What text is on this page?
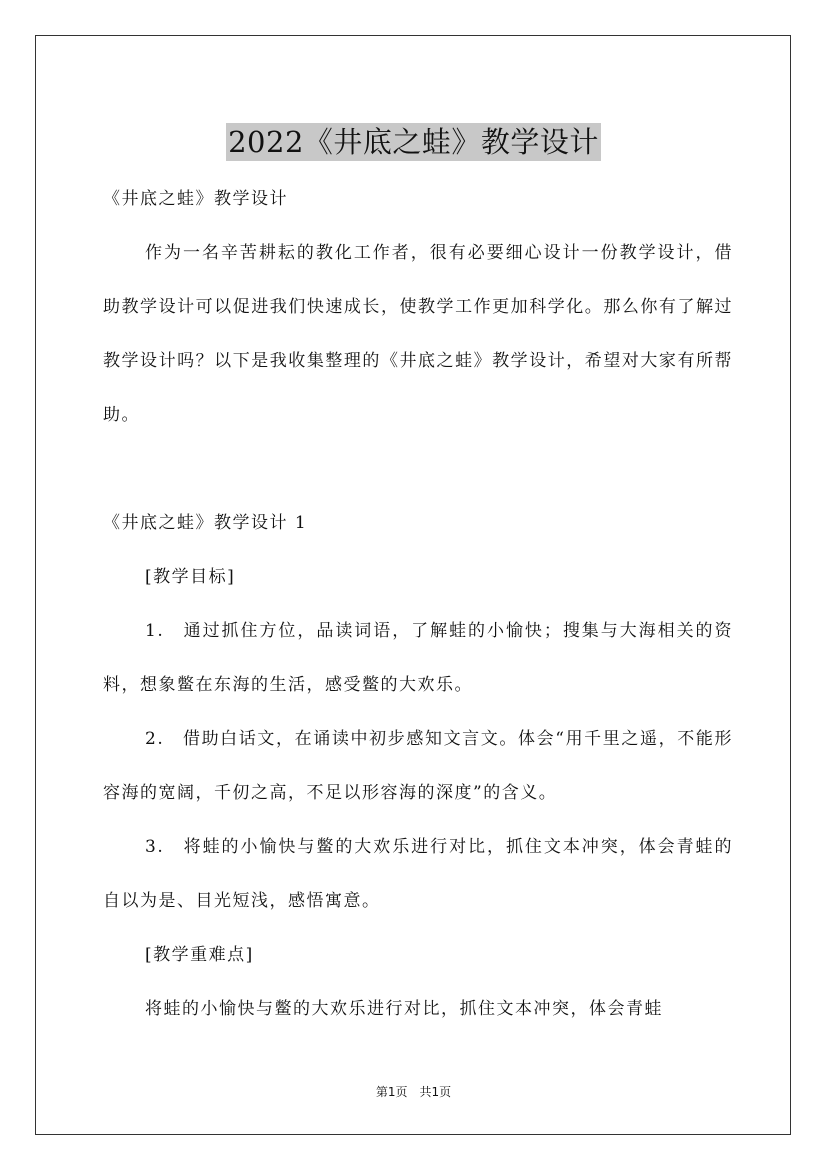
2022《井底之蛙》教学设计

《井底之蛙》教学设计

作为一名辛苦耕耘的教化工作者，很有必要细心设计一份教学设计，借助教学设计可以促进我们快速成长，使教学工作更加科学化。那么你有了解过教学设计吗？以下是我收集整理的《井底之蛙》教学设计，希望对大家有所帮助。

《井底之蛙》教学设计 1

[教学目标]

1.　通过抓住方位，品读词语，了解蛙的小愉快；搜集与大海相关的资料，想象鳖在东海的生活，感受鳖的大欢乐。

2.　借助白话文，在诵读中初步感知文言文。体会“用千里之遥，不能形容海的宽阔，千仞之高，不足以形容海的深度”的含义。

3.　将蛙的小愉快与鳖的大欢乐进行对比，抓住文本冲突，体会青蛙的自以为是、目光短浅，感悟寓意。

[教学重难点]

将蛙的小愉快与鳖的大欢乐进行对比，抓住文本冲突，体会青蛙

第1页　共1页
